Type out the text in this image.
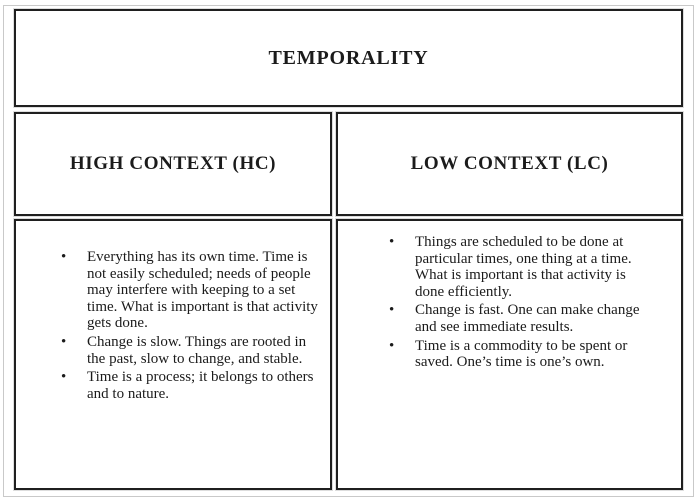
TEMPORALITY
HIGH CONTEXT (HC)	LOW CONTEXT (LC)
• Everything has its own time. Time is not easily scheduled; needs of people may interfere with keeping to a set time. What is important is that activity gets done.
• Change is slow. Things are rooted in the past, slow to change, and stable.
• Time is a process; it belongs to others and to nature.
• Things are scheduled to be done at particular times, one thing at a time. What is important is that activity is done efficiently.
• Change is fast. One can make change and see immediate results.
• Time is a commodity to be spent or saved. One’s time is one’s own.
